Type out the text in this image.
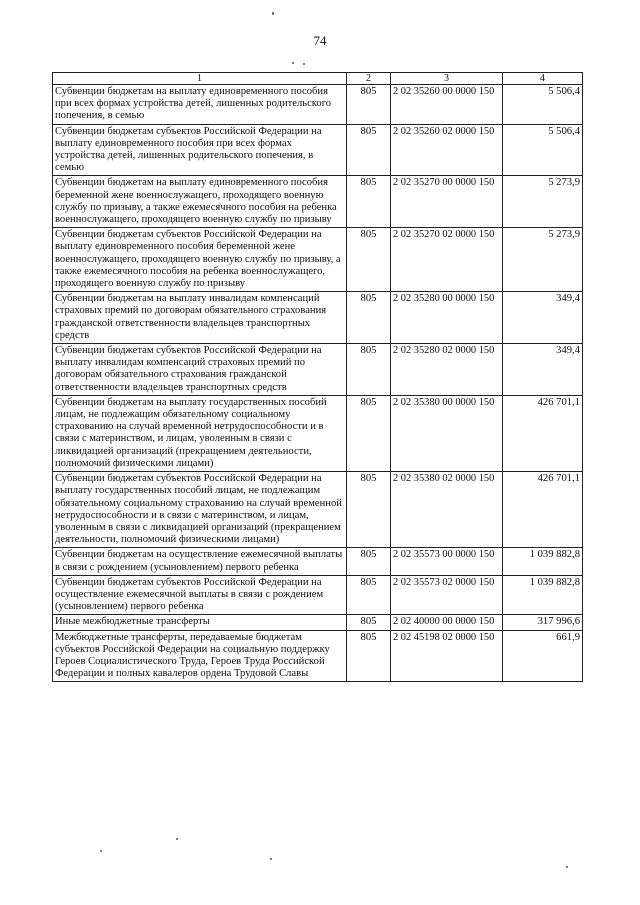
74
1	2	3	4
Субвенции бюджетам на выплату единовременного пособия при всех формах устройства детей, лишенных родительского попечения, в семью	805	2 02 35260 00 0000 150	5 506,4
Субвенции бюджетам субъектов Российской Федерации на выплату единовременного пособия при всех формах устройства детей, лишенных родительского попечения, в семью	805	2 02 35260 02 0000 150	5 506,4
Субвенции бюджетам на выплату единовременного пособия беременной жене военнослужащего, проходящего военную службу по призыву, а также ежемесячного пособия на ребенка военнослужащего, проходящего военную службу по призыву	805	2 02 35270 00 0000 150	5 273,9
Субвенции бюджетам субъектов Российской Федерации на выплату единовременного пособия беременной жене военнослужащего, проходящего военную службу по призыву, а также ежемесячного пособия на ребенка военнослужащего, проходящего военную службу по призыву	805	2 02 35270 02 0000 150	5 273,9
Субвенции бюджетам на выплату инвалидам компенсаций страховых премий по договорам обязательного страхования гражданской ответственности владельцев транспортных средств	805	2 02 35280 00 0000 150	349,4
Субвенции бюджетам субъектов Российской Федерации на выплату инвалидам компенсаций страховых премий по договорам обязательного страхования гражданской ответственности владельцев транспортных средств	805	2 02 35280 02 0000 150	349,4
Субвенции бюджетам на выплату государственных пособий лицам, не подлежащим обязательному социальному страхованию на случай временной нетрудоспособности и в связи с материнством, и лицам, уволенным в связи с ликвидацией организаций (прекращением деятельности, полномочий физическими лицами)	805	2 02 35380 00 0000 150	426 701,1
Субвенции бюджетам субъектов Российской Федерации на выплату государственных пособий лицам, не подлежащим обязательному социальному страхованию на случай временной нетрудоспособности и в связи с материнством, и лицам, уволенным в связи с ликвидацией организаций (прекращением деятельности, полномочий физическими лицами)	805	2 02 35380 02 0000 150	426 701,1
Субвенции бюджетам на осуществление ежемесячной выплаты в связи с рождением (усыновлением) первого ребенка	805	2 02 35573 00 0000 150	1 039 882,8
Субвенции бюджетам субъектов Российской Федерации на осуществление ежемесячной выплаты в связи с рождением (усыновлением) первого ребенка	805	2 02 35573 02 0000 150	1 039 882,8
Иные межбюджетные трансферты	805	2 02 40000 00 0000 150	317 996,6
Межбюджетные трансферты, передаваемые бюджетам субъектов Российской Федерации на социальную поддержку Героев Социалистического Труда, Героев Труда Российской Федерации и полных кавалеров ордена Трудовой Славы	805	2 02 45198 02 0000 150	661,9
